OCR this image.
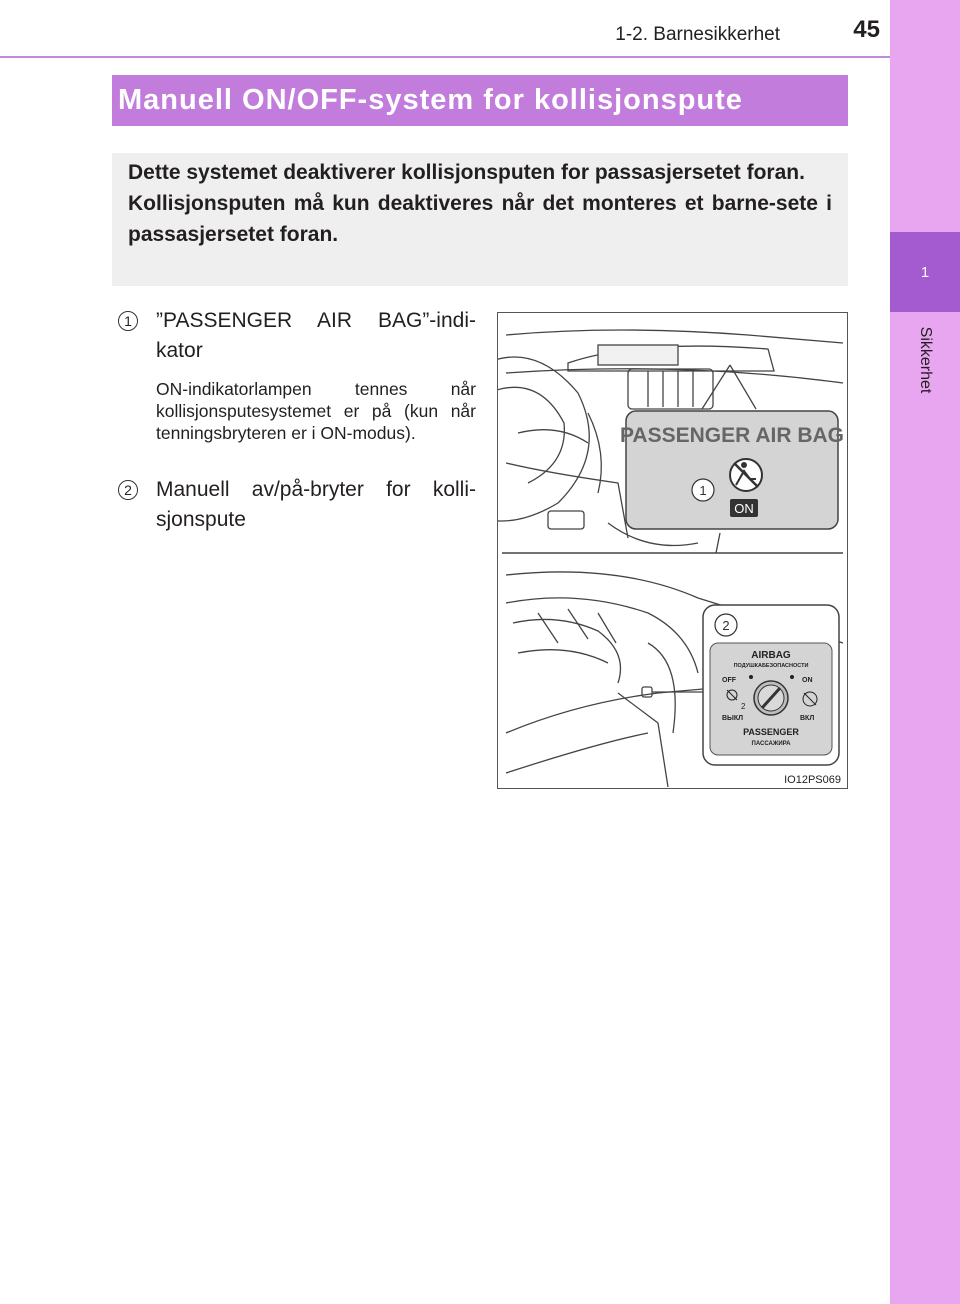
1
Sikkerhet
1-2. Barnesikkerhet	45
Manuell ON/OFF-system for kollisjonspute

Dette systemet deaktiverer kollisjonsputen for passasjersetet foran.

Kollisjonsputen må kun deaktiveres når det monteres et barne-sete i passasjersetet foran.

1 ”PASSENGER AIR BAG”-indi-kator

ON-indikatorlampen tennes når kollisjonsputesystemet er på (kun når tenningsbryteren er i ON-modus).

2 Manuell av/på-bryter for kolli-sjonspute

PASSENGER AIR BAG
1
ON
2
AIRBAG
ПОДУШКАБЕЗОПАСНОСТИ
OFF	ON
2
ВЫКЛ	ВКЛ
PASSENGER
ПАССАЖИРА
IO12PS069
